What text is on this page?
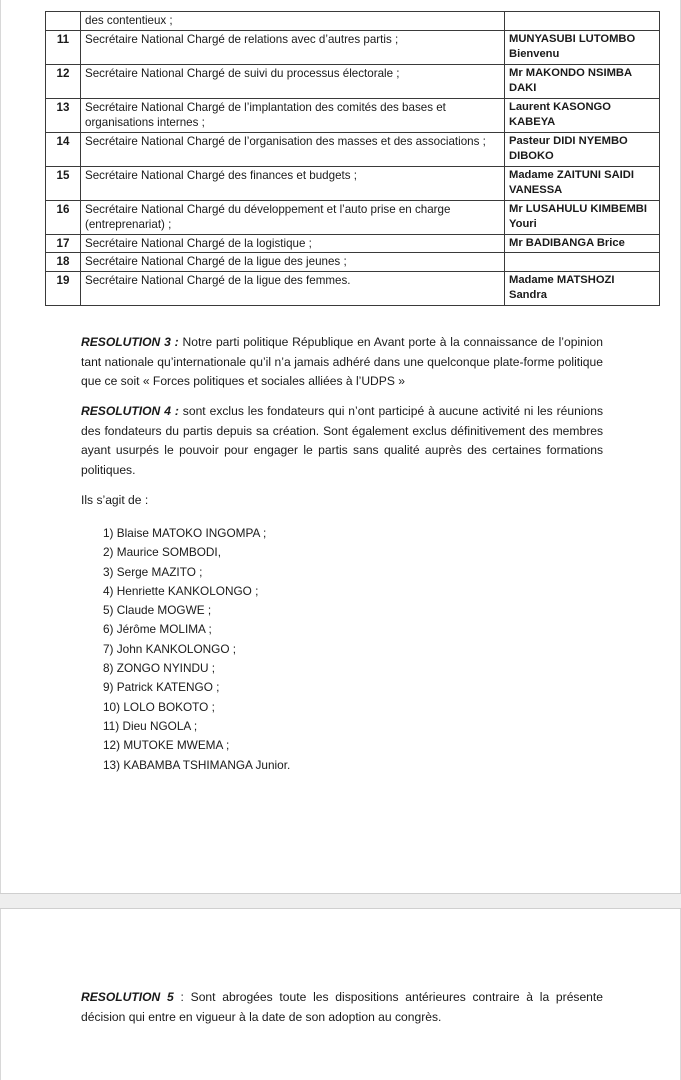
	des contentieux ;	
11	Secrétaire National Chargé de relations avec d’autres partis ;	MUNYASUBI LUTOMBO Bienvenu
12	Secrétaire National Chargé de suivi du processus électorale ;	Mr MAKONDO NSIMBA DAKI
13	Secrétaire National Chargé de l’implantation des comités des bases et organisations internes ;	Laurent KASONGO KABEYA
14	Secrétaire National Chargé de l’organisation des masses et des associations ;	Pasteur DIDI NYEMBO DIBOKO
15	Secrétaire National Chargé des finances et budgets ;	Madame ZAITUNI SAIDI VANESSA
16	Secrétaire National Chargé du développement et l’auto prise en charge (entreprenariat) ;	Mr LUSAHULU KIMBEMBI Youri
17	Secrétaire National Chargé de la logistique ;	Mr BADIBANGA Brice
18	Secrétaire National Chargé de la ligue des jeunes ;	
19	Secrétaire National Chargé de la ligue des femmes.	Madame MATSHOZI Sandra

RESOLUTION 3 : Notre parti politique République en Avant porte à la connaissance de l’opinion tant nationale qu’internationale qu’il n’a jamais adhéré dans une quelconque plate-forme politique que ce soit « Forces politiques et sociales alliées à l’UDPS »

RESOLUTION 4 : sont exclus les fondateurs qui n’ont participé à aucune activité ni les réunions des fondateurs du partis depuis sa création. Sont également exclus définitivement des membres ayant usurpés le pouvoir pour engager le partis sans qualité auprès des certaines formations politiques.

Ils s’agit de :

1) Blaise MATOKO INGOMPA ;
2) Maurice SOMBODI,
3) Serge MAZITO ;
4) Henriette KANKOLONGO ;
5) Claude MOGWE ;
6) Jérôme MOLIMA ;
7) John KANKOLONGO ;
8) ZONGO NYINDU ;
9) Patrick KATENGO ;
10) LOLO BOKOTO ;
11) Dieu NGOLA ;
12) MUTOKE MWEMA ;
13) KABAMBA TSHIMANGA Junior.

RESOLUTION 5 : Sont abrogées toute les dispositions antérieures contraire à la présente décision qui entre en vigueur à la date de son adoption au congrès.
